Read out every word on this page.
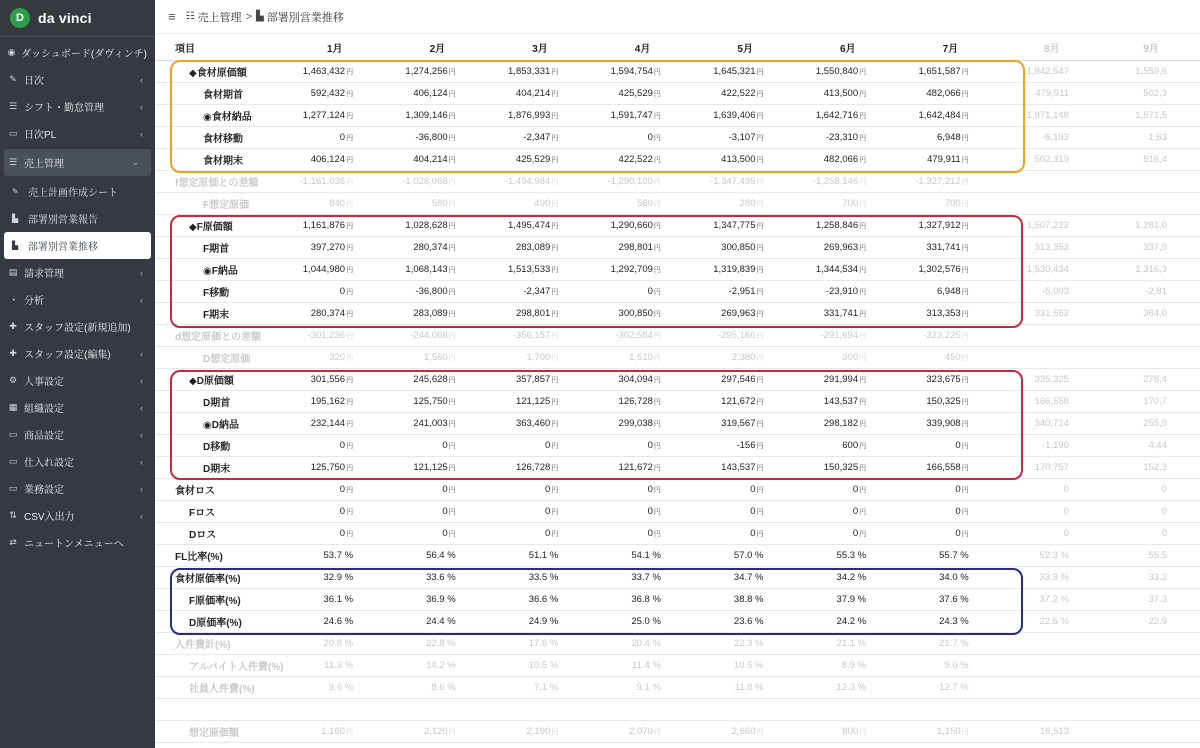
D	da vinci
◉ ダッシュボード(ダヴィンチ)
✎ 日次	‹
☰ シフト・勤怠管理	‹
▭ 日次PL	‹
☰ 売上管理	⌄
✎ 売上計画作成シート
▙ 部署別営業報告
▙ 部署別営業推移
▤ 請求管理	‹
◔ 分析	‹
✚ スタッフ設定(新規追加)
✚ スタッフ設定(編集)	‹
⚙ 人事設定	‹
▦ 組織設定	‹
▭ 商品設定	‹
▭ 仕入れ設定	‹
▭ 業務設定	‹
⇅ CSV入出力	‹
⇄ ニュートンメニューへ
≡ ☷ 売上管理 > ▙ 部署別営業推移
項目	1月	2月	3月	4月	5月	6月	7月	8月	9月
◆食材原価額	1,463,432円	1,274,256円	1,853,331円	1,594,754円	1,645,321円	1,550,840円	1,651,587円	1,842,547	1,559,6
食材期首	592,432円	406,124円	404,214円	425,529円	422,522円	413,500円	482,066円	479,911	502,3
◉食材納品	1,277,124円	1,309,146円	1,876,993円	1,591,747円	1,639,406円	1,642,716円	1,642,484円	1,871,148	1,571,5
食材移動	0円	-36,800円	-2,347円	0円	-3,107円	-23,310円	6,948円	-6,193	1,63
食材期末	406,124円	404,214円	425,529円	422,522円	413,500円	482,066円	479,911円	502,319	516,4
f想定原価との差額	-1,161,036円	-1,028,068円	-1,494,984円	-1,290,100円	-1,347,495円	-1,258,146円	-1,327,212円		
F想定原価	840円	560円	490円	560円	280円	700円	700円		
◆F原価額	1,161,876円	1,028,628円	1,495,474円	1,290,660円	1,347,775円	1,258,846円	1,327,912円	1,507,222	1,281,0
F期首	397,270円	280,374円	283,089円	298,801円	300,850円	269,963円	331,741円	313,353	337,9
◉F納品	1,044,980円	1,068,143円	1,513,533円	1,292,709円	1,319,839円	1,344,534円	1,302,576円	1,530,434	1,316,3
F移動	0円	-36,800円	-2,347円	0円	-2,951円	-23,910円	6,948円	-5,003	-2,81
F期末	280,374円	283,089円	298,801円	300,850円	269,963円	331,741円	313,353円	331,562	364,0
d想定原価との差額	-301,236円	-244,068円	-356,157円	-302,584円	-295,166円	-291,694円	-323,225円		
D想定原価	320円	1,560円	1,700円	1,510円	2,380円	300円	450円		
◆D原価額	301,556円	245,628円	357,857円	304,094円	297,546円	291,994円	323,675円	335,325	278,4
D期首	195,162円	125,750円	121,125円	126,728円	121,672円	143,537円	150,325円	166,558	170,7
◉D納品	232,144円	241,003円	363,460円	299,038円	319,567円	298,182円	339,908円	340,714	255,9
D移動	0円	0円	0円	0円	-156円	600円	0円	-1,190	4,44
D期末	125,750円	121,125円	126,728円	121,672円	143,537円	150,325円	166,558円	170,757	152,3
食材ロス	0円	0円	0円	0円	0円	0円	0円	0	0
Fロス	0円	0円	0円	0円	0円	0円	0円	0	0
Dロス	0円	0円	0円	0円	0円	0円	0円	0	0
FL比率(%)	53.7 %	56.4 %	51.1 %	54.1 %	57.0 %	55.3 %	55.7 %	52.3 %	55.5
食材原価率(%)	32.9 %	33.6 %	33.5 %	33.7 %	34.7 %	34.2 %	34.0 %	33.3 %	33.2
F原価率(%)	36.1 %	36.9 %	36.6 %	36.8 %	38.8 %	37.9 %	37.6 %	37.2 %	37.3
D原価率(%)	24.6 %	24.4 %	24.9 %	25.0 %	23.6 %	24.2 %	24.3 %	22.6 %	22.9
人件費計(%)	20.8 %	22.8 %	17.6 %	20.4 %	22.3 %	21.1 %	21.7 %		
アルバイト人件費(%)	11.3 %	14.2 %	10.5 %	11.4 %	10.5 %	8.9 %	9.0 %		
社員人件費(%)	9.6 %	8.6 %	7.1 %	9.1 %	11.8 %	12.3 %	12.7 %		

想定原価額	1,160円	2,120円	2,190円	2,070円	2,660円	800円	1,150円	16,513	
